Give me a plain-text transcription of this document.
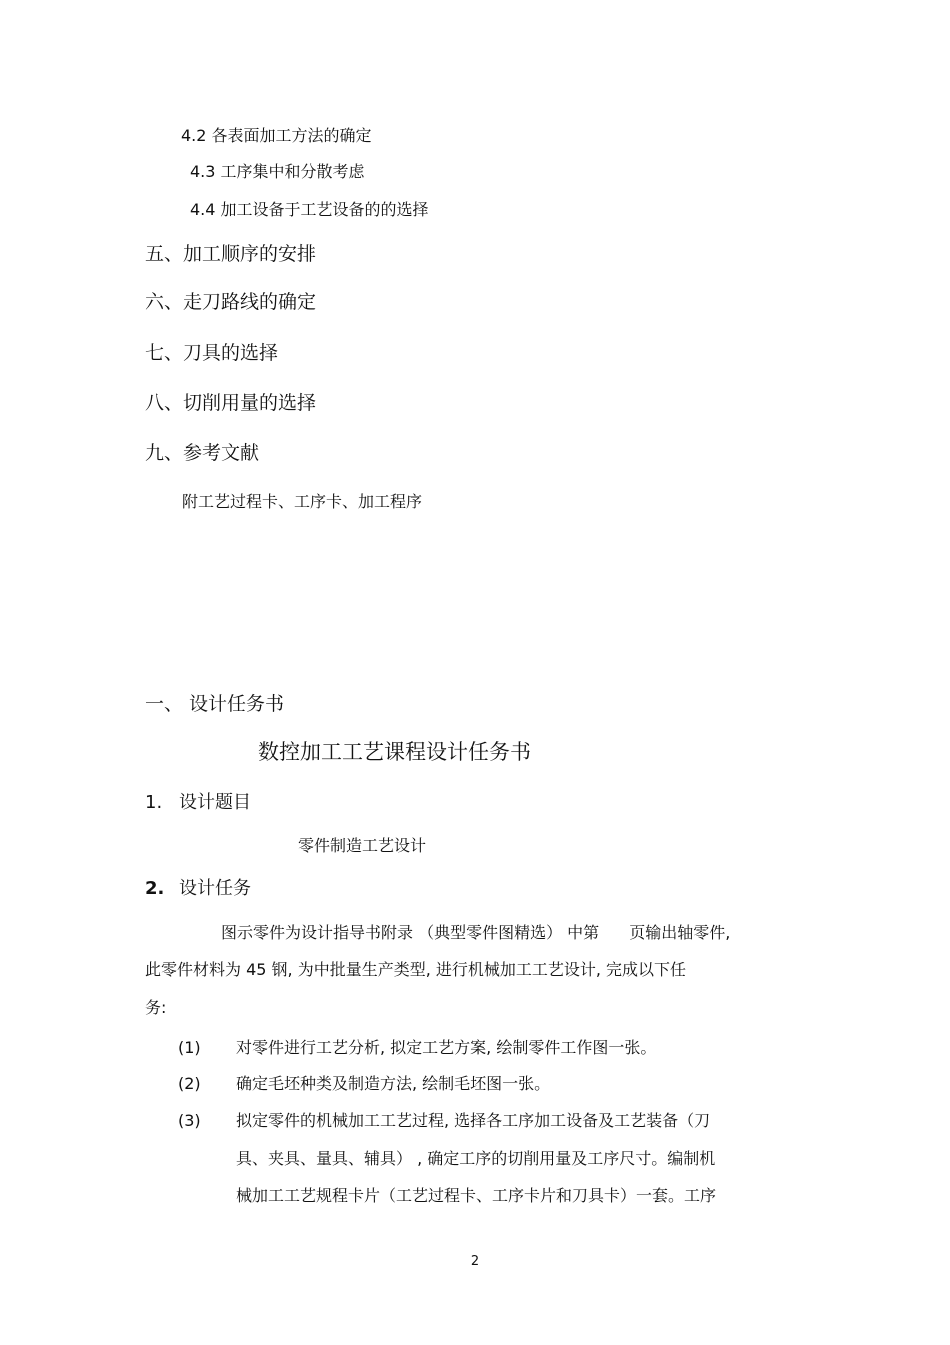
4.2 各表面加工方法的确定
4.3 工序集中和分散考虑
4.4 加工设备于工艺设备的的选择
五、加工顺序的安排
六、走刀路线的确定
七、刀具的选择
八、切削用量的选择
九、参考文献
附工艺过程卡、工序卡、加工程序
一、 设计任务书
数控加工工艺课程设计任务书
1. 设计题目
零件制造工艺设计
2. 设计任务
图示零件为设计指导书附录 （典型零件图精选） 中第 页输出轴零件,
此零件材料为 45 钢, 为中批量生产类型, 进行机械加工工艺设计, 完成以下任
务:
(1) 对零件进行工艺分析, 拟定工艺方案, 绘制零件工作图一张。
(2) 确定毛坯种类及制造方法, 绘制毛坯图一张。
(3) 拟定零件的机械加工工艺过程, 选择各工序加工设备及工艺装备（刀
具、夹具、量具、辅具） , 确定工序的切削用量及工序尺寸。编制机
械加工工艺规程卡片（工艺过程卡、工序卡片和刀具卡）一套。工序
2
